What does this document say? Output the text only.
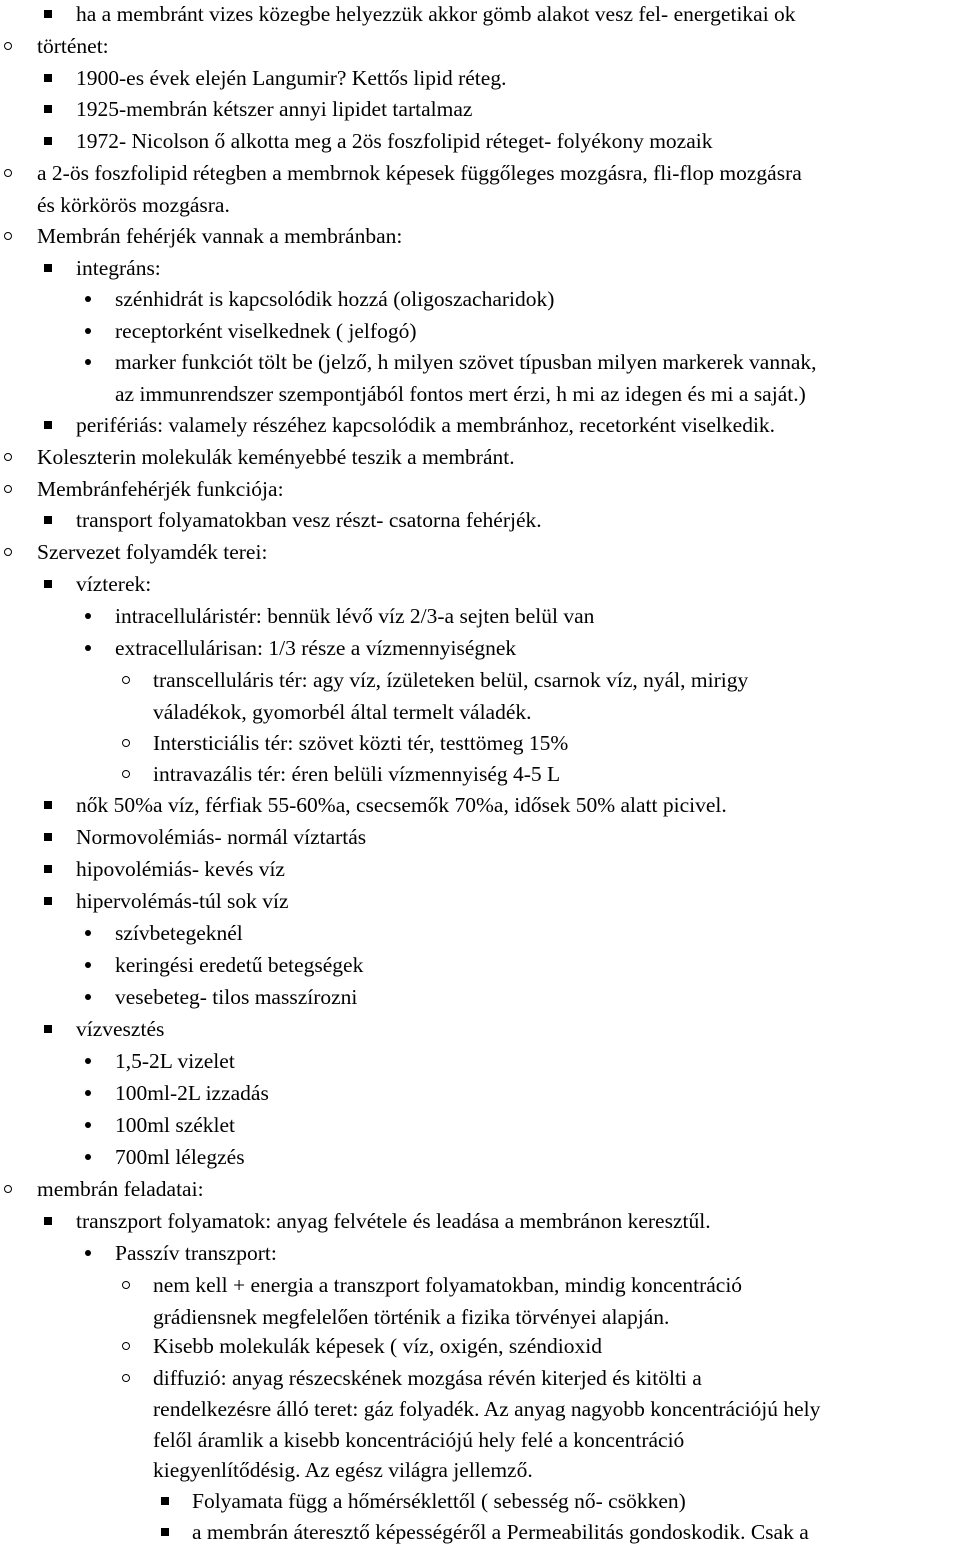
ha a membránt vizes közegbe helyezzük akkor gömb alakot vesz fel- energetikai ok
történet:
1900-es évek elején Langumir? Kettős lipid réteg.
1925-membrán kétszer annyi lipidet tartalmaz
1972- Nicolson ő alkotta meg a 2ös foszfolipid réteget- folyékony mozaik
a 2-ös foszfolipid rétegben a membrnok képesek függőleges mozgásra, fli-flop mozgásra
és körkörös mozgásra.
Membrán fehérjék vannak a membránban:
integráns:
szénhidrát is kapcsolódik hozzá (oligoszacharidok)
receptorként viselkednek ( jelfogó)
marker funkciót tölt be (jelző, h milyen szövet típusban milyen markerek vannak,
az immunrendszer szempontjából fontos mert érzi, h mi az idegen és mi a saját.)
perifériás: valamely részéhez kapcsolódik a membránhoz, recetorként viselkedik.
Koleszterin molekulák keményebbé teszik a membránt.
Membránfehérjék funkciója:
transport folyamatokban vesz részt- csatorna fehérjék.
Szervezet folyamdék terei:
vízterek:
intracelluláristér: bennük lévő víz 2/3-a sejten belül van
extracellulárisan: 1/3 része a vízmennyiségnek
transcelluláris tér: agy víz, ízületeken belül, csarnok víz, nyál, mirigy
váladékok, gyomorbél által termelt váladék.
Intersticiális tér: szövet közti tér, testtömeg 15%
intravazális tér: éren belüli vízmennyiség 4-5 L
nők 50%a víz, férfiak 55-60%a, csecsemők 70%a, idősek 50% alatt picivel.
Normovolémiás- normál víztartás
hipovolémiás- kevés víz
hipervolémás-túl sok víz
szívbetegeknél
keringési eredetű betegségek
vesebeteg- tilos masszírozni
vízvesztés
1,5-2L vizelet
100ml-2L izzadás
100ml széklet
700ml lélegzés
membrán feladatai:
transzport folyamatok: anyag felvétele és leadása a membránon keresztűl.
Passzív transzport:
nem kell + energia a transzport folyamatokban, mindig koncentráció
grádiensnek megfelelően történik a fizika törvényei alapján.
Kisebb molekulák képesek ( víz, oxigén, széndioxid
diffuzió: anyag részecskének mozgása révén kiterjed és kitölti a
rendelkezésre álló teret: gáz folyadék. Az anyag nagyobb koncentrációjú hely
felől áramlik a kisebb koncentrációjú hely felé a koncentráció
kiegyenlítődésig. Az egész világra jellemző.
Folyamata függ a hőmérséklettől ( sebesség nő- csökken)
a membrán áteresztő képességéről a Permeabilitás gondoskodik. Csak a
